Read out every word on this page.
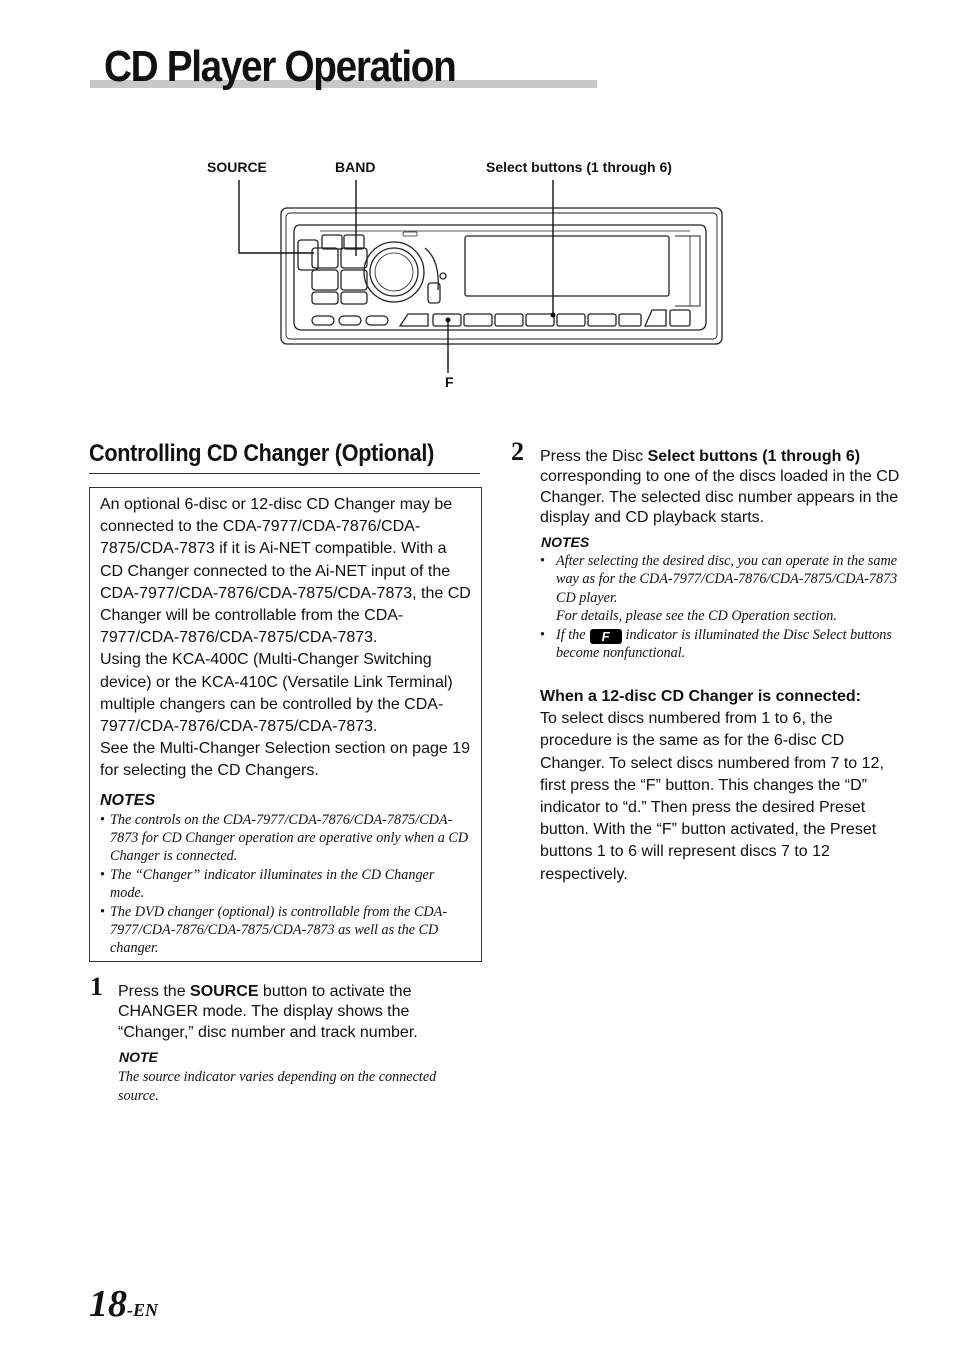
CD Player Operation
SOURCE	BAND	Select buttons (1 through 6)
F
Controlling CD Changer (Optional)

An optional 6-disc or 12-disc CD Changer may be connected to the CDA-7977/CDA-7876/CDA-7875/CDA-7873 if it is Ai-NET compatible. With a CD Changer connected to the Ai-NET input of the CDA-7977/CDA-7876/CDA-7875/CDA-7873, the CD Changer will be controllable from the CDA-7977/CDA-7876/CDA-7875/CDA-7873.

Using the KCA-400C (Multi-Changer Switching device) or the KCA-410C (Versatile Link Terminal) multiple changers can be controlled by the CDA-7977/CDA-7876/CDA-7875/CDA-7873.

See the Multi-Changer Selection section on page 19 for selecting the CD Changers.

NOTES

• The controls on the CDA-7977/CDA-7876/CDA-7875/CDA-7873 for CD Changer operation are operative only when a CD Changer is connected.
• The “Changer” indicator illuminates in the CD Changer mode.
• The DVD changer (optional) is controllable from the CDA-7977/CDA-7876/CDA-7875/CDA-7873 as well as the CD changer.
1 Press the SOURCE button to activate the CHANGER mode. The display shows the “Changer,” disc number and track number.

NOTE

The source indicator varies depending on the connected source.

2 Press the Disc Select buttons (1 through 6) corresponding to one of the discs loaded in the CD Changer. The selected disc number appears in the display and CD playback starts.

NOTES

• After selecting the desired disc, you can operate in the same way as for the CDA-7977/CDA-7876/CDA-7875/CDA-7873 CD player.
For details, please see the CD Operation section.
• If the F indicator is illuminated the Disc Select buttons become nonfunctional.

When a 12-disc CD Changer is connected:

To select discs numbered from 1 to 6, the procedure is the same as for the 6-disc CD Changer. To select discs numbered from 7 to 12, first press the “F” button. This changes the “D” indicator to “d.” Then press the desired Preset button. With the “F” button activated, the Preset buttons 1 to 6 will represent discs 7 to 12 respectively.

18-EN
